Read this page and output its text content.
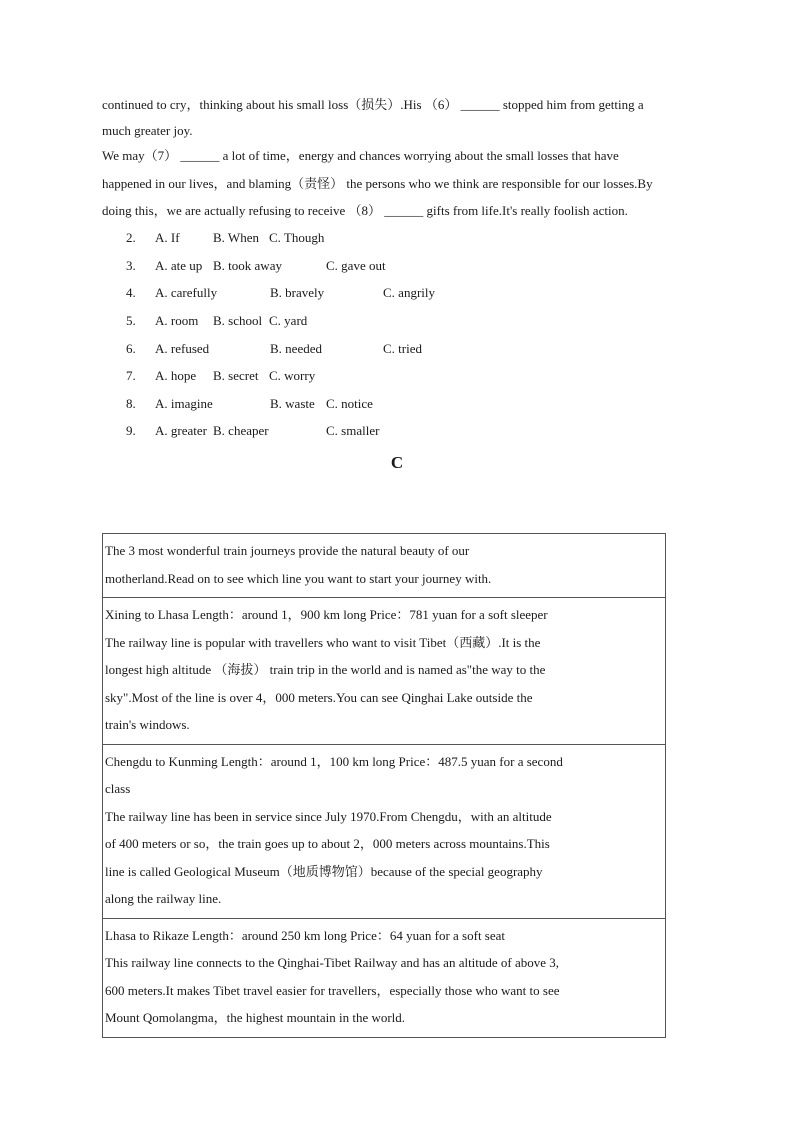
continued to cry，thinking about his small loss（损失）.His （6） ______ stopped him from getting a
much greater joy.
We may（7） ______ a lot of time，energy and chances worrying about the small losses that have
happened in our lives，and blaming（责怪） the persons who we think are responsible for our losses.By
doing this，we are actually refusing to receive （8） ______ gifts from life.It's really foolish action.
2. A. If	B. When C. Though
3. A. ate up B. took away	C. gave out
4. A. carefully	B. bravely	C. angrily
5. A. room B. school C. yard
6. A. refused	B. needed	C. tried
7. A. hope B. secret C. worry
8. A. imagine	B. waste C. notice
9. A. greater B. cheaper	C. smaller
C
The 3 most wonderful train journeys provide the natural beauty of our
motherland.Read on to see which line you want to start your journey with.

Xining to Lhasa Length：around 1，900 km long Price：781 yuan for a soft sleeper
The railway line is popular with travellers who want to visit Tibet（西藏）.It is the
longest high altitude （海拔） train trip in the world and is named as"the way to the
sky".Most of the line is over 4，000 meters.You can see Qinghai Lake outside the
train's windows.

Chengdu to Kunming Length：around 1，100 km long Price：487.5 yuan for a second
class
The railway line has been in service since July 1970.From Chengdu，with an altitude
of 400 meters or so，the train goes up to about 2，000 meters across mountains.This
line is called Geological Museum（地质博物馆）because of the special geography
along the railway line.

Lhasa to Rikaze Length：around 250 km long Price：64 yuan for a soft seat
This railway line connects to the Qinghai-Tibet Railway and has an altitude of above 3,
600 meters.It makes Tibet travel easier for travellers，especially those who want to see
Mount Qomolangma，the highest mountain in the world.
